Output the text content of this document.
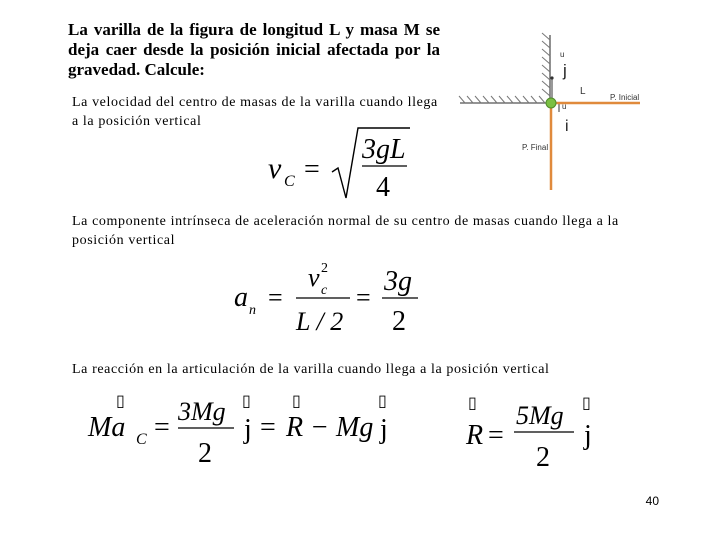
La varilla de la figura de longitud L y masa M se deja caer desde la posición inicial afectada por la gravedad. Calcule:
u
j
L
P. Inicial
u
i
P. Final
La velocidad del centro de masas de la varilla cuando llega a la posición vertical
v C =
3gL
4
La componente intrínseca de aceleración normal de su centro de masas cuando llega a la posición vertical
a n =
v 2
c
L / 2
=
3g
2
La reacción en la articulación de la varilla cuando llega a la posición vertical
▯
Ma C =
3Mg
2
▯
j =
▯
R − Mg
▯
j
▯
R =
5Mg
2
▯
j
40
